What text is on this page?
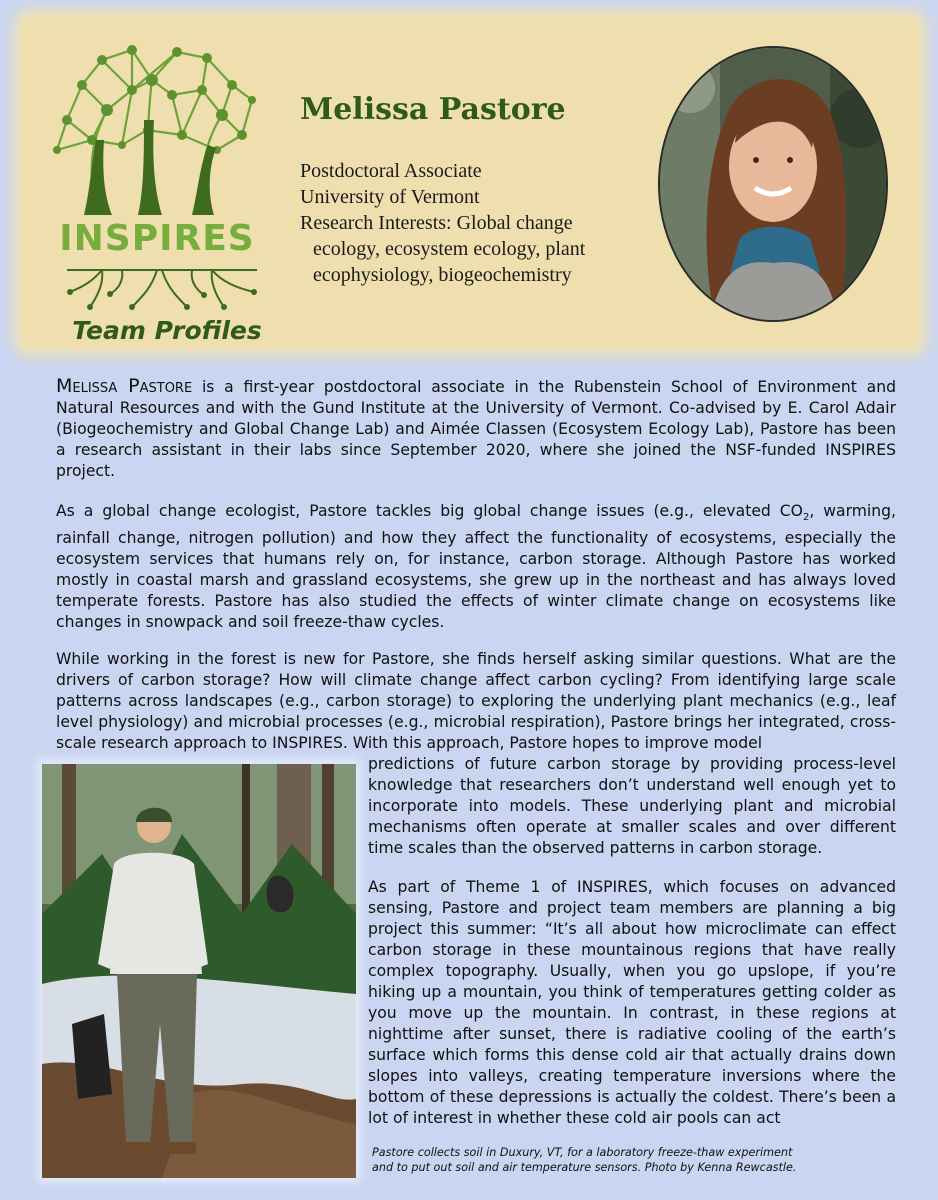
INSPIRES
Team Profiles
Melissa Pastore
Postdoctoral Associate
University of Vermont
Research Interests: Global change
ecology, ecosystem ecology, plant
ecophysiology, biogeochemistry

Melissa Pastore is a first-year postdoctoral associate in the Rubenstein School of Environment and Natural Resources and with the Gund Institute at the University of Vermont. Co-advised by E. Carol Adair (Biogeochemistry and Global Change Lab) and Aimée Classen (Ecosystem Ecology Lab), Pastore has been a research assistant in their labs since September 2020, where she joined the NSF-funded INSPIRES project.

As a global change ecologist, Pastore tackles big global change issues (e.g., elevated $CO_2$, warming, rainfall change, nitrogen pollution) and how they affect the functionality of ecosystems, especially the ecosystem services that humans rely on, for instance, carbon storage. Although Pastore has worked mostly in coastal marsh and grassland ecosystems, she grew up in the northeast and has always loved temperate forests. Pastore has also studied the effects of winter climate change on ecosystems like changes in snowpack and soil freeze-thaw cycles.

While working in the forest is new for Pastore, she finds herself asking similar questions. What are the drivers of carbon storage? How will climate change affect carbon cycling? From identifying large scale patterns across landscapes (e.g., carbon storage) to exploring the underlying plant mechanics (e.g., leaf level physiology) and microbial processes (e.g., microbial respiration), Pastore brings her integrated, cross-scale research approach to INSPIRES. With this approach, Pastore hopes to improve model

predictions of future carbon storage by providing process-level knowledge that researchers don’t understand well enough yet to incorporate into models. These underlying plant and microbial mechanisms often operate at smaller scales and over different time scales than the observed patterns in carbon storage.

As part of Theme 1 of INSPIRES, which focuses on advanced sensing, Pastore and project team members are planning a big project this summer: “It’s all about how microclimate can effect carbon storage in these mountainous regions that have really complex topography. Usually, when you go upslope, if you’re hiking up a mountain, you think of temperatures getting colder as you move up the mountain. In contrast, in these regions at nighttime after sunset, there is radiative cooling of the earth’s surface which forms this dense cold air that actually drains down slopes into valleys, creating temperature inversions where the bottom of these depressions is actually the coldest. There’s been a lot of interest in whether these cold air pools can act

Pastore collects soil in Duxury, VT, for a laboratory freeze-thaw experiment
and to put out soil and air temperature sensors. Photo by Kenna Rewcastle.
